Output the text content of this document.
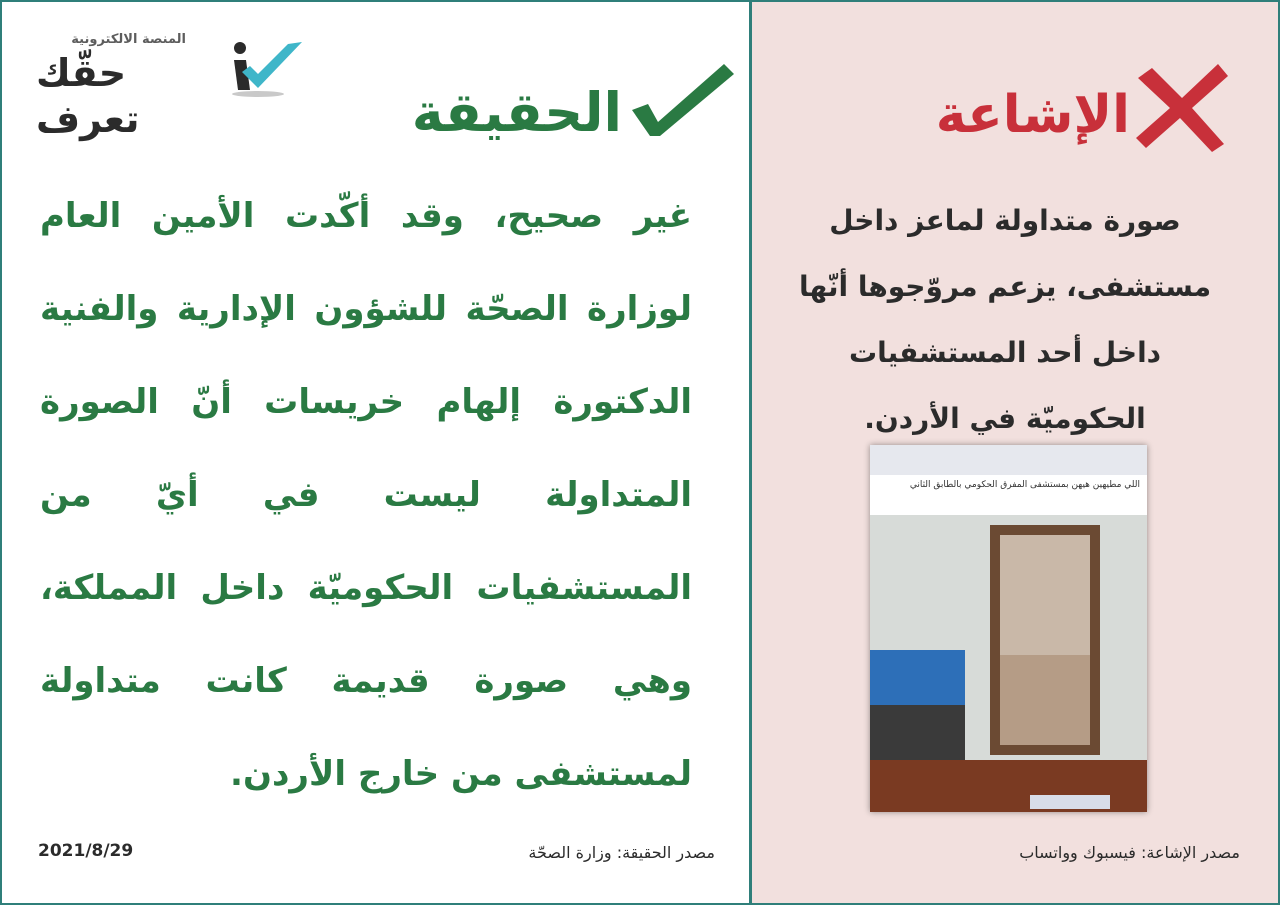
المنصة الالكترونية
حقّك تعرف	الحقيقة
غير صحيح، وقد أكّدت الأمين العام لوزارة الصحّة للشؤون الإدارية والفنية الدكتورة إلهام خريسات أنّ الصورة المتداولة ليست في أيّ من المستشفيات الحكوميّة داخل المملكة، وهي صورة قديمة كانت متداولة لمستشفى من خارج الأردن.
مصدر الحقيقة: وزارة الصحّة
2021/8/29
الإشاعة
صورة متداولة لماعز داخل مستشفى، يزعم مروّجوها أنّها داخل أحد المستشفيات الحكوميّة في الأردن.
اللي مطيهين هيهن بمستشفى المفرق الحكومي بالطابق الثاني
مصدر الإشاعة: فيسبوك وواتساب
